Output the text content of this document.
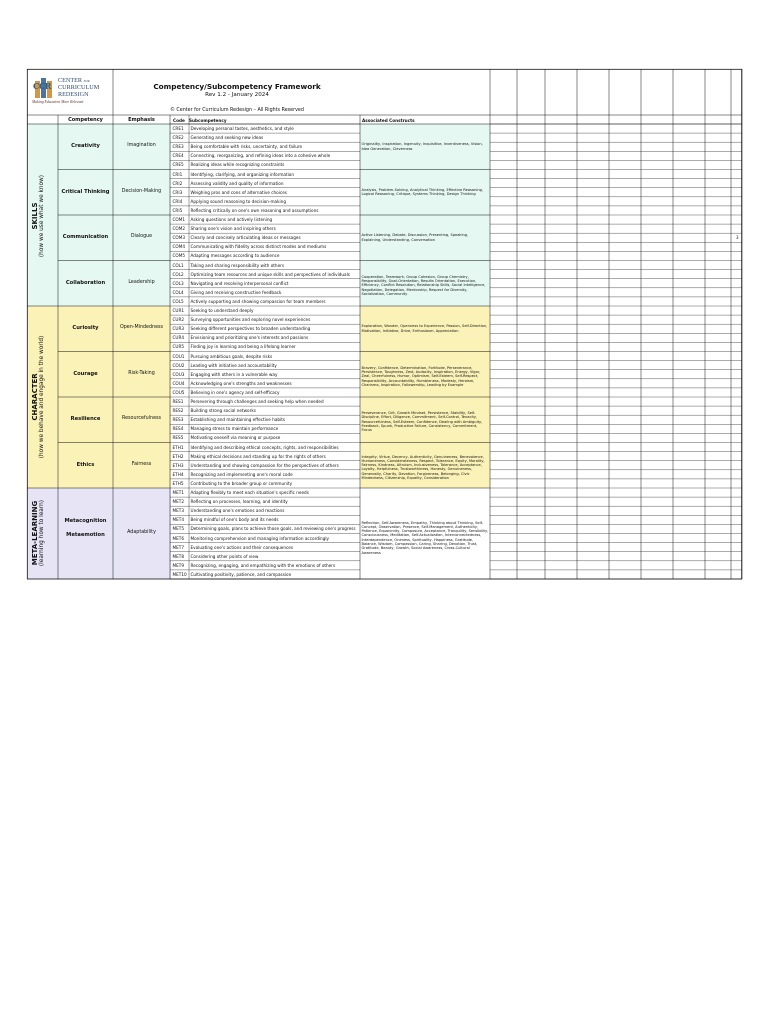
CCR
CENTER FOR
CURRICULUM
REDESIGN
Making Education More Relevant
Competency/Subcompetency Framework
Rev 1.2 - January 2024
© Center for Curriculum Redesign – All Rights Reserved
Competency	Emphasis	Code Subcompetency	Associated Constructs
3
SKILLS (how we use what we know)
CHARACTER (how we behave and engage in the world)
META-LEARNING (learning how to learn)
Creativity	Imagination
CRE1	Developing personal tastes, aesthetics, and style
CRE2	Generating and seeking new ideas
CRE3	Being comfortable with risks, uncertainty, and failure
CRE4	Connecting, reorganizing, and refining ideas into a cohesive whole
CRE5	Realizing ideas while recognizing constraints
Originality, Inspiration, Ingenuity, Inquisitive, Inventiveness, Vision, Idea Generation, Cleverness
Critical Thinking	Decision-Making
CRI1	Identifying, clarifying, and organizing information
CRI2	Assessing validity and quality of information
CRI3	Weighing pros and cons of alternative choices
CRI4	Applying sound reasoning to decision-making
CRI5	Reflecting critically on one's own reasoning and assumptions
Analysis, Problem-Solving, Analytical Thinking, Effective Reasoning, Logical Reasoning, Critique, Systems Thinking, Design Thinking
Communication	Dialogue
COM1	Asking questions and actively listening
COM2	Sharing one's vision and inspiring others
COM3	Clearly and concisely articulating ideas or messages
COM4	Communicating with fidelity across distinct modes and mediums
COM5	Adapting messages according to audience
Active Listening, Debate, Discussion, Presenting, Speaking, Explaining, Understanding, Conversation
Collaboration	Leadership
COL1	Taking and sharing responsibility with others
COL2	Optimizing team resources and unique skills and perspectives of individuals
COL3	Navigating and resolving interpersonal conflict
COL4	Giving and receiving constructive feedback
COL5	Actively supporting and showing compassion for team members
Cooperation, Teamwork, Group Cohesion, Group Chemistry, Responsibility, Goal-Orientation, Results Orientation, Execution, Efficiency, Conflict Resolution, Relationship Skills, Social Intelligence, Negotiation, Delegation, Mentorship, Respect for Diversity, Socialization, Community
Curiosity	Open-Mindedness
CUR1	Seeking to understand deeply
CUR2	Surveying opportunities and exploring novel experiences
CUR3	Seeking different perspectives to broaden understanding
CUR4	Envisioning and prioritizing one's interests and passions
CUR5	Finding joy in learning and being a lifelong learner
Exploration, Wonder, Openness to Experience, Passion, Self-Direction, Motivation, Initiative, Drive, Enthusiasm, Appreciation
Courage	Risk-Taking
COU1	Pursuing ambitious goals, despite risks
COU2	Leading with initiative and accountability
COU3	Engaging with others in a vulnerable way
COU4	Acknowledging one's strengths and weaknesses
COU5	Believing in one's agency and self-efficacy
Bravery, Confidence, Determination, Fortitude, Perseverance, Persistence, Toughness, Zest, Audacity, Inspiration, Energy, Vigor, Zeal, Cheerfulness, Humor, Optimism, Self-Esteem, Self-Respect, Responsibility, Accountability, Humbleness, Modesty, Heroism, Charisma, Inspiration, Followership, Leading by Example
Resilience	Resourcefulness
RES1	Persevering through challenges and seeking help when needed
RES2	Building strong social networks
RES3	Establishing and maintaining effective habits
RES4	Managing stress to maintain performance
RES5	Motivating oneself via meaning or purpose
Perseverance, Grit, Growth Mindset, Persistence, Stability, Self-Discipline, Effort, Diligence, Commitment, Self-Control, Tenacity, Resourcefulness, Self-Esteem, Confidence, Dealing with Ambiguity, Feedback, Spunk, Productive Failure, Consistency, Commitment, Focus
Ethics	Fairness
ETH1	Identifying and describing ethical concepts, rights, and responsibilities
ETH2	Making ethical decisions and standing up for the rights of others
ETH3	Understanding and showing compassion for the perspectives of others
ETH4	Recognizing and implementing one's moral code
ETH5	Contributing to the broader group or community
Integrity, Virtue, Decency, Authenticity, Genuineness, Benevolence, Humaneness, Considerateness, Respect, Tolerance, Equity, Morality, Fairness, Kindness, Altruism, Inclusiveness, Tolerance, Acceptance, Loyalty, Helpfulness, Trustworthiness, Honesty, Genuineness, Generosity, Charity, Devotion, Forgiveness, Belonging, Civic Mindedness, Citizenship, Equality, Consideration
Metacognition
Metaemotion	Adaptability
MET1	Adapting flexibly to meet each situation's specific needs
MET2	Reflecting on processes, learning, and identity
MET3	Understanding one's emotions and reactions
MET4	Being mindful of one's body and its needs
MET5	Determining goals, plans to achieve those goals, and reviewing one's progress
MET6	Monitoring comprehension and managing information accordingly
MET7	Evaluating one's actions and their consequences
MET8	Considering other points of view
MET9	Recognizing, engaging, and empathizing with the emotions of others
MET10 Cultivating positivity, patience, and compassion
Reflection, Self-Awareness, Empathy, Thinking about Thinking, Self-Concept, Observation, Presence, Self-Management, Authenticity, Patience, Equanimity, Composure, Acceptance, Tranquility, Sensibility, Consciousness, Meditation, Self-Actualization, Interconnectedness, Interdependence, Oneness, Spirituality, Happiness, Gratitude, Balance, Wisdom, Compassion, Caring, Sharing, Devotion, Trust, Gratitude, Beauty, Growth, Social Awareness, Cross-Cultural Awareness
